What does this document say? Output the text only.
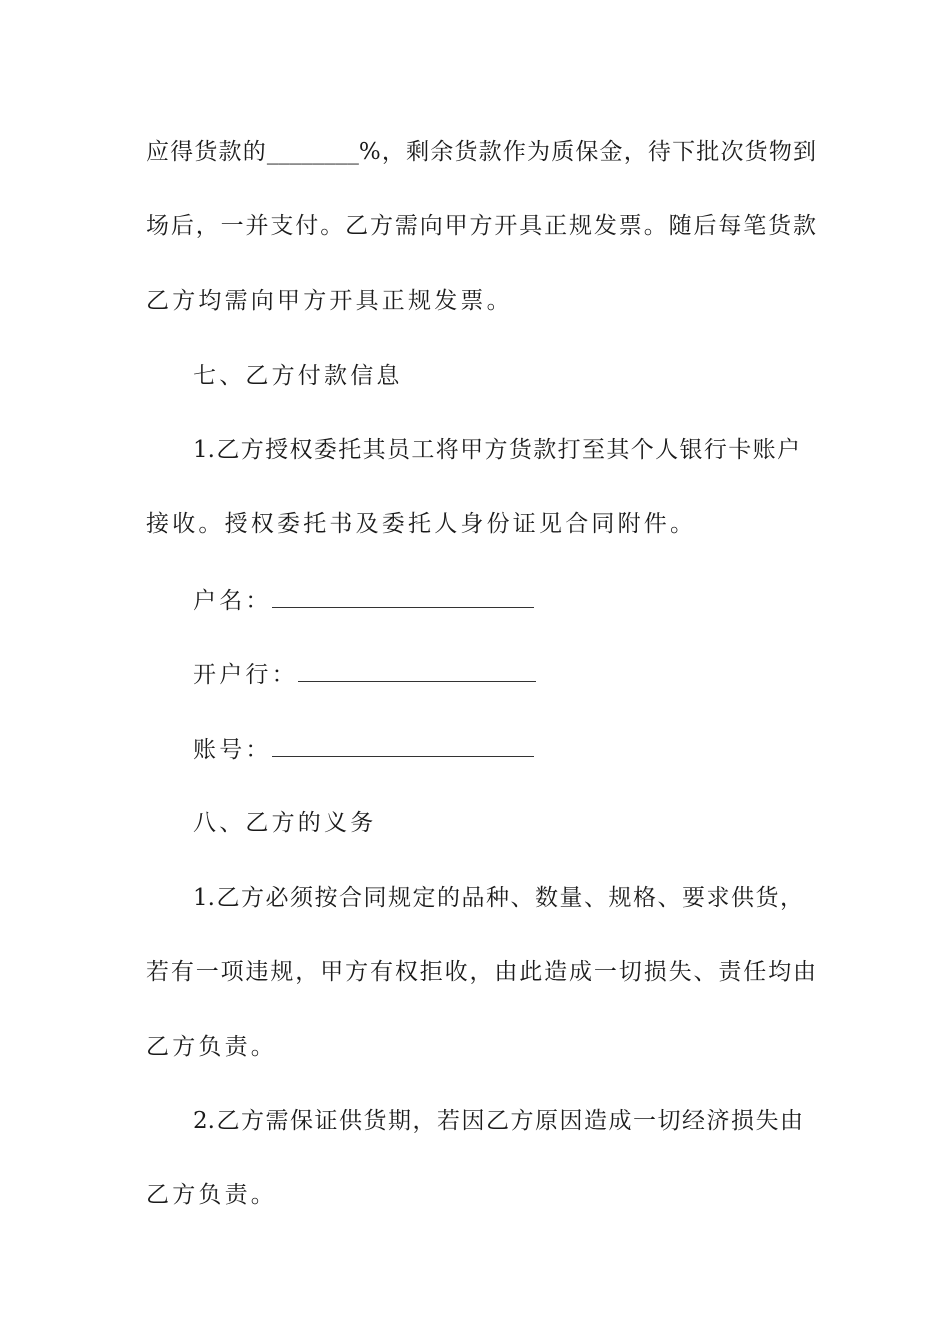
应得货款的________%，剩余货款作为质保金，待下批次货物到
场后，一并支付。乙方需向甲方开具正规发票。随后每笔货款
乙方均需向甲方开具正规发票。
七、乙方付款信息
1.乙方授权委托其员工将甲方货款打至其个人银行卡账户
接收。授权委托书及委托人身份证见合同附件。
户名：
开户行：
账号：
八、乙方的义务
1.乙方必须按合同规定的品种、数量、规格、要求供货，
若有一项违规，甲方有权拒收，由此造成一切损失、责任均由
乙方负责。
2.乙方需保证供货期，若因乙方原因造成一切经济损失由
乙方负责。
